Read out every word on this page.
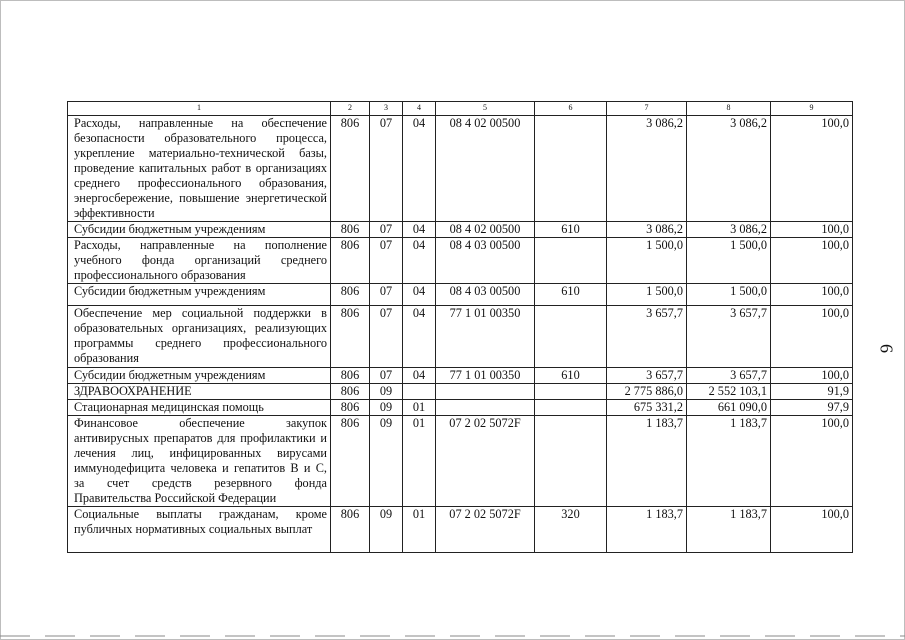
1	2	3	4	5	6	7	8	9
Расходы, направленные на обеспечение безопасности образовательного процесса, укрепление материально-технической базы, проведение капитальных работ в организациях среднего профессионального образования, энергосбережение, повышение энергетической эффективности	806	07	04	08 4 02 00500		3 086,2	3 086,2	100,0
Субсидии бюджетным учреждениям	806	07	04	08 4 02 00500	610	3 086,2	3 086,2	100,0
Расходы, направленные на пополнение учебного фонда организаций среднего профессионального образования	806	07	04	08 4 03 00500		1 500,0	1 500,0	100,0
Субсидии бюджетным учреждениям	806	07	04	08 4 03 00500	610	1 500,0	1 500,0	100,0
Обеспечение мер социальной поддержки в образовательных организациях, реализующих программы среднего профессионального образования	806	07	04	77 1 01 00350		3 657,7	3 657,7	100,0
Субсидии бюджетным учреждениям	806	07	04	77 1 01 00350	610	3 657,7	3 657,7	100,0
ЗДРАВООХРАНЕНИЕ	806	09				2 775 886,0	2 552 103,1	91,9
Стационарная медицинская помощь	806	09	01			675 331,2	661 090,0	97,9
Финансовое обеспечение закупок антивирусных препаратов для профилактики и лечения лиц, инфицированных вирусами иммунодефицита человека и гепатитов В и С, за счет средств резервного фонда Правительства Российской Федерации	806	09	01	07 2 02 5072F		1 183,7	1 183,7	100,0
Социальные выплаты гражданам, кроме публичных нормативных социальных выплат	806	09	01	07 2 02 5072F	320	1 183,7	1 183,7	100,0
6
